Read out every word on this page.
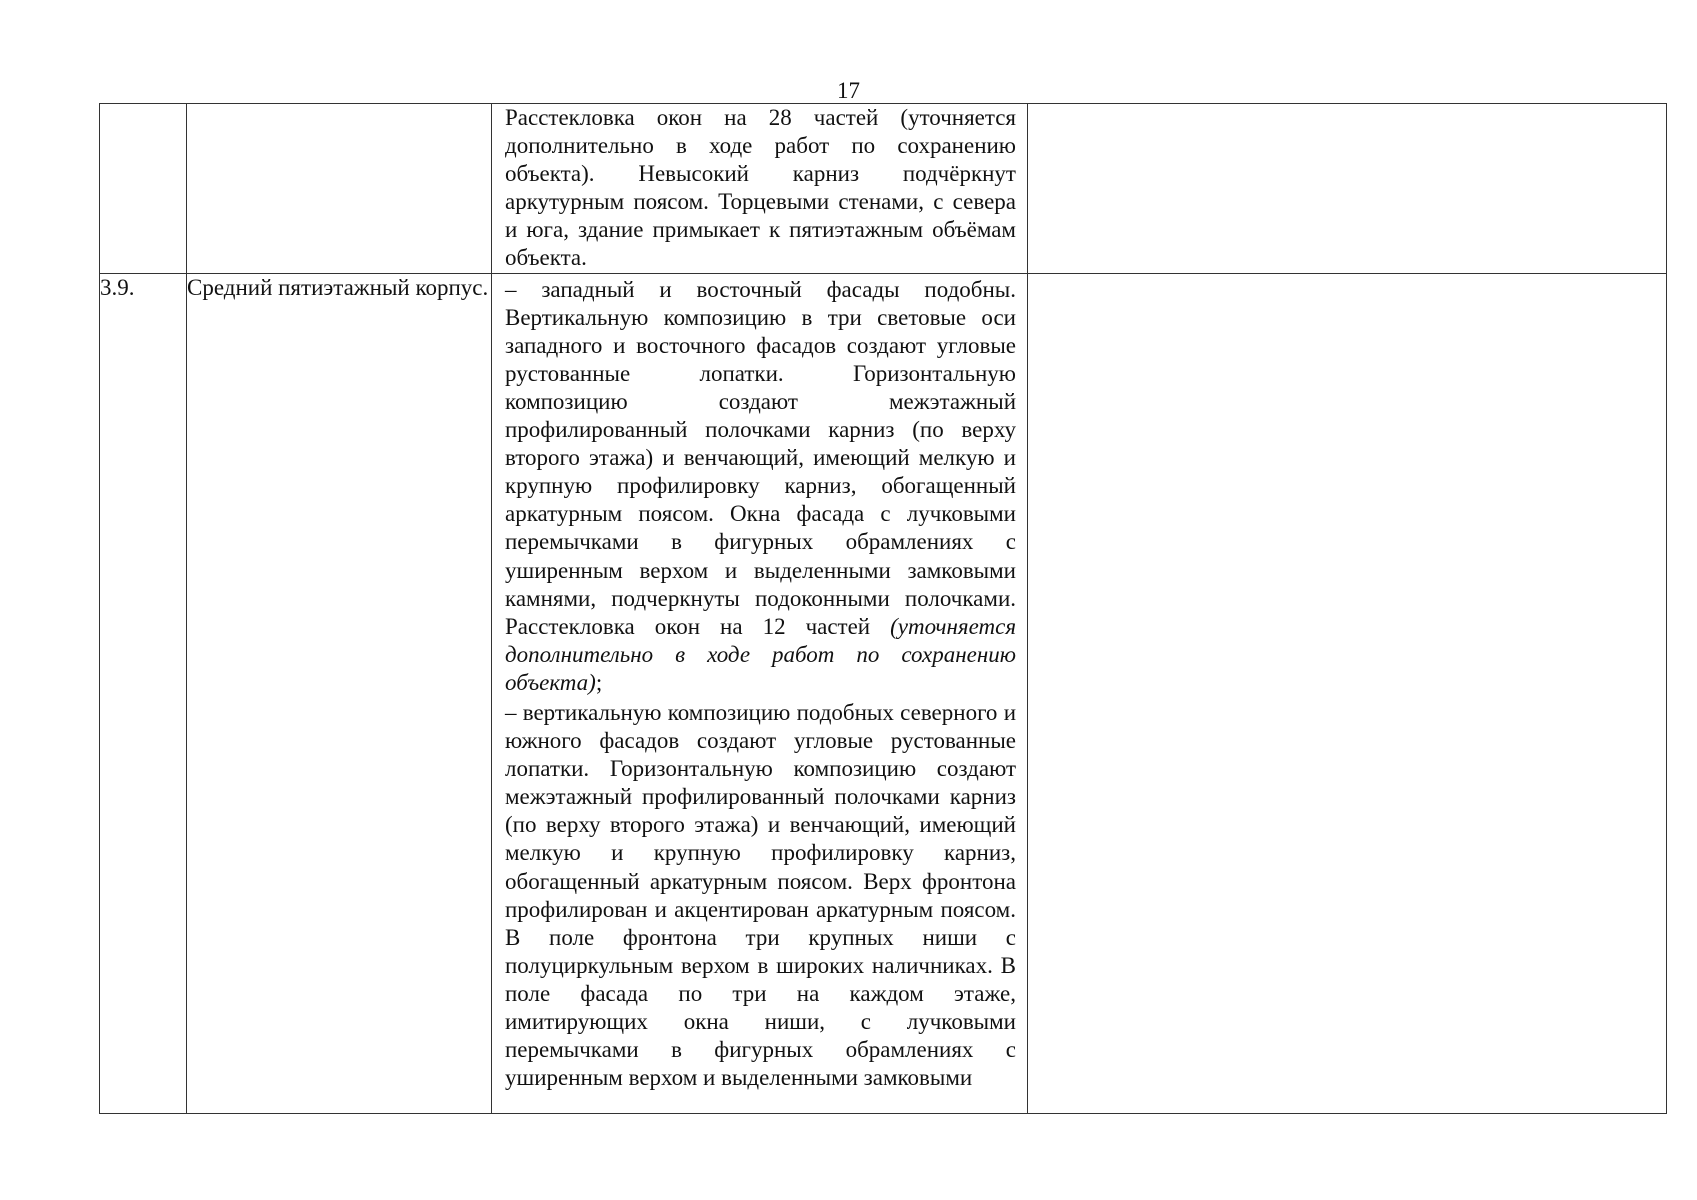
17

		Расстекловка окон на 28 частей (уточняется дополнительно в ходе работ по сохранению объекта). Невысокий карниз подчёркнут аркутурным поясом. Торцевыми стенами, с севера и юга, здание примыкает к пятиэтажным объёмам объекта.	

3.9.	Средний пятиэтажный корпус.	– западный и восточный фасады подобны. Вертикальную композицию в три световые оси западного и восточного фасадов создают угловые рустованные лопатки. Горизонтальную композицию создают межэтажный профилированный полочками карниз (по верху второго этажа) и венчающий, имеющий мелкую и крупную профилировку карниз, обогащенный аркатурным поясом. Окна фасада с лучковыми перемычками в фигурных обрамлениях с уширенным верхом и выделенными замковыми камнями, подчеркнуты подоконными полочками. Расстекловка окон на 12 частей (уточняется дополнительно в ходе работ по сохранению объекта);
– вертикальную композицию подобных северного и южного фасадов создают угловые рустованные лопатки. Горизонтальную композицию создают межэтажный профилированный полочками карниз (по верху второго этажа) и венчающий, имеющий мелкую и крупную профилировку карниз, обогащенный аркатурным поясом. Верх фронтона профилирован и акцентирован аркатурным поясом. В поле фронтона три крупных ниши с полуциркульным верхом в широких наличниках. В поле фасада по три на каждом этаже, имитирующих окна ниши, с лучковыми перемычками в фигурных обрамлениях с уширенным верхом и выделенными замковыми	
